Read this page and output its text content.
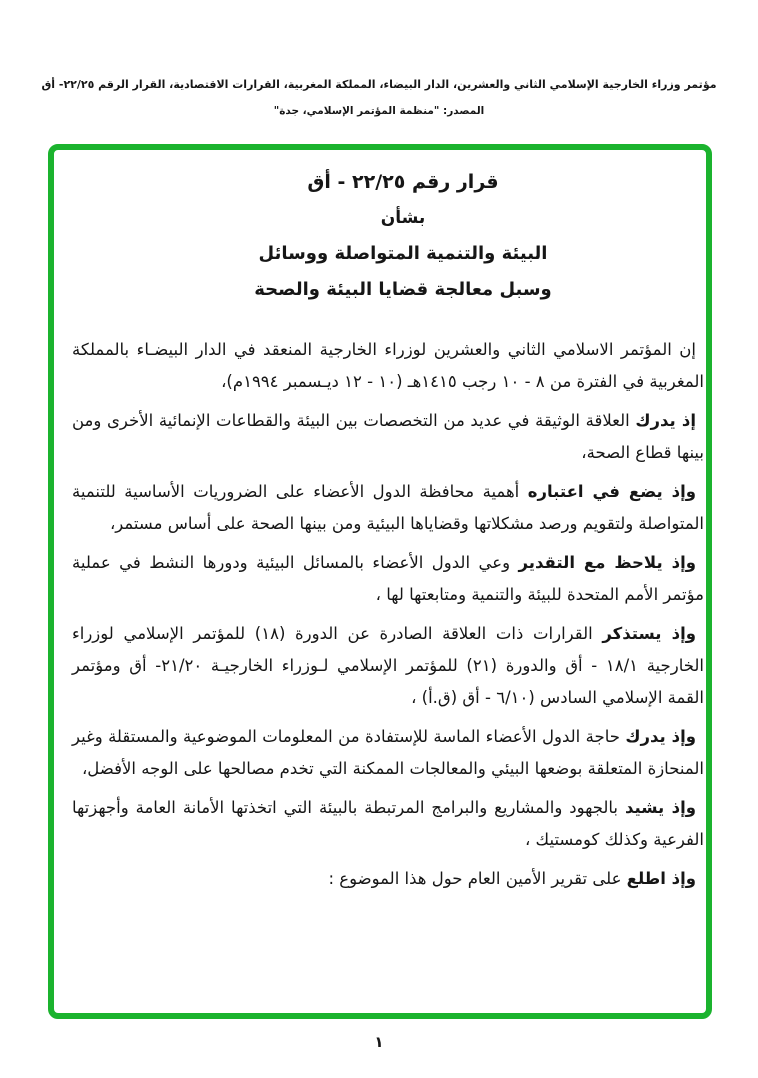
مؤتمر وزراء الخارجية الإسلامي الثاني والعشرين، الدار البيضاء، المملكة المغربية، القرارات الاقتصادية، القرار الرقم ٢٢/٢٥- أق
المصدر: "منظمة المؤتمر الإسلامي، جدة"
قرار رقم ٢٢/٢٥ - أق
بشأن
البيئة والتنمية المتواصلة ووسائل
وسبل معالجة قضايا البيئة والصحة

إن المؤتمر الاسلامي الثاني والعشرين لوزراء الخارجية المنعقد في الدار البيضـاء بالمملكة المغربية في الفترة من ٨ - ١٠ رجب ١٤١٥هـ (١٠ - ١٢ ديـسمبر ١٩٩٤م)،

إذ يدرك العلاقة الوثيقة في عديد من التخصصات بين البيئة والقطاعات الإنمائية الأخرى ومن بينها قطاع الصحة،

وإذ يضع في اعتباره أهمية محافظة الدول الأعضاء على الضروريات الأساسية للتنمية المتواصلة ولتقويم ورصد مشكلاتها وقضاياها البيئية ومن بينها الصحة على أساس مستمر،

وإذ يلاحظ مع التقدير وعي الدول الأعضاء بالمسائل البيئية ودورها النشط في عملية مؤتمر الأمم المتحدة للبيئة والتنمية ومتابعتها لها ،

وإذ يستذكر القرارات ذات العلاقة الصادرة عن الدورة (١٨) للمؤتمر الإسلامي لوزراء الخارجية ١٨/١ - أق والدورة (٢١) للمؤتمر الإسلامي لـوزراء الخارجيـة ٢١/٢٠- أق ومؤتمر القمة الإسلامي السادس (٦/١٠ - أق (ق.أ) ،

وإذ يدرك حاجة الدول الأعضاء الماسة للإستفادة من المعلومات الموضوعية والمستقلة وغير المنحازة المتعلقة بوضعها البيئي والمعالجات الممكنة التي تخدم مصالحها على الوجه الأفضل،

وإذ يشيد بالجهود والمشاريع والبرامج المرتبطة بالبيئة التي اتخذتها الأمانة العامة وأجهزتها الفرعية وكذلك كومستيك ،

وإذ اطلع على تقرير الأمين العام حول هذا الموضوع :

١
